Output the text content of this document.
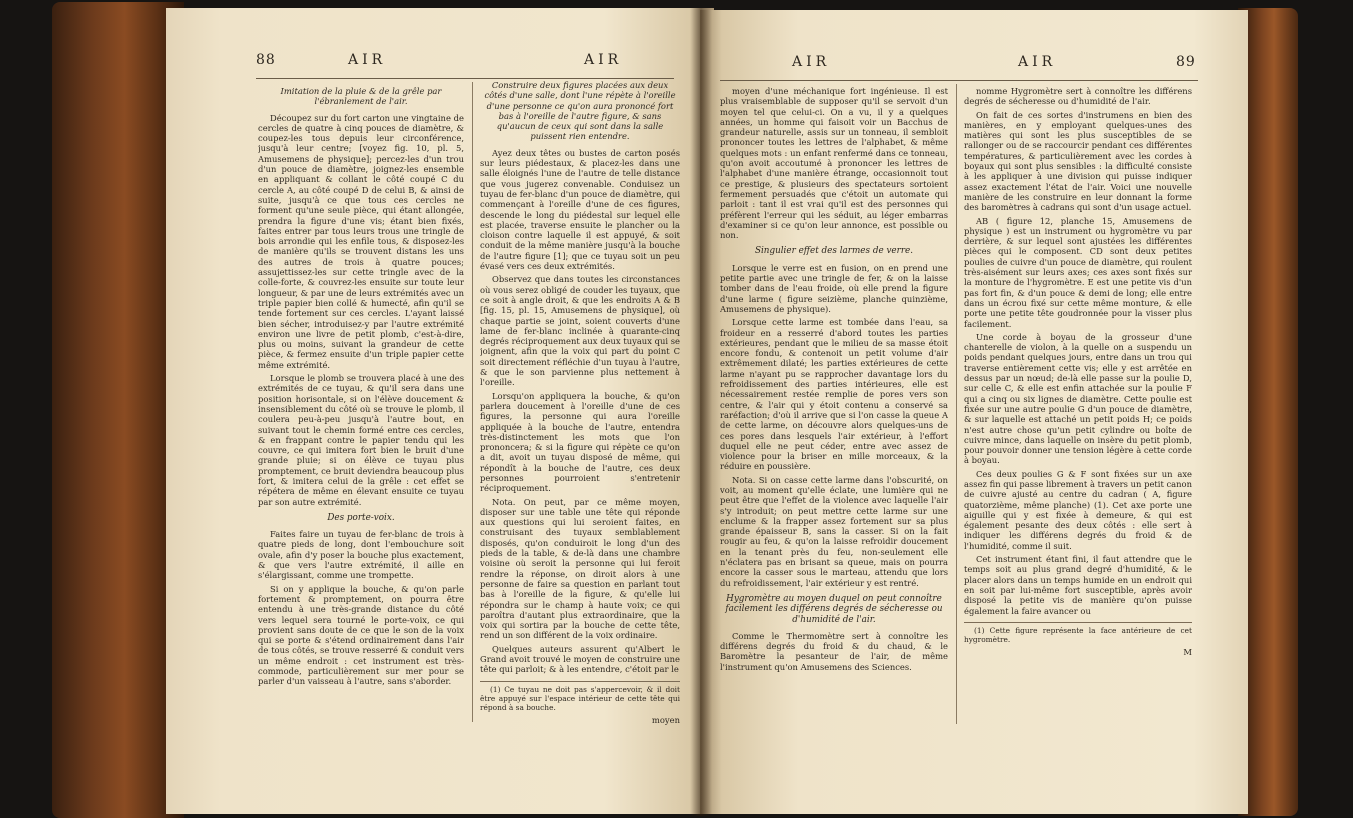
88	AIR	AIR

Imitation de la pluie & de la grêle par l'ébranlement de l'air.

Découpez sur du fort carton une vingtaine de cercles de quatre à cinq pouces de diamètre, & coupez-les tous depuis leur circonférence, jusqu'à leur centre; [voyez fig. 10, pl. 5, Amusemens de physique]; percez-les d'un trou d'un pouce de diamètre, joignez-les ensemble en appliquant & collant le côté coupé C du cercle A, au côté coupé D de celui B, & ainsi de suite, jusqu'à ce que tous ces cercles ne forment qu'une seule pièce, qui étant allongée, prendra la figure d'une vis; étant bien fixés, faites entrer par tous leurs trous une tringle de bois arrondie qui les enfile tous, & disposez-les de manière qu'ils se trouvent distans les uns des autres de trois à quatre pouces; assujettissez-les sur cette tringle avec de la colle-forte, & couvrez-les ensuite sur toute leur longueur, & par une de leurs extrémités avec un triple papier bien collé & humecté, afin qu'il se tende fortement sur ces cercles. L'ayant laissé bien sécher, introduisez-y par l'autre extrémité environ une livre de petit plomb, c'est-à-dire, plus ou moins, suivant la grandeur de cette pièce, & fermez ensuite d'un triple papier cette même extrémité.

Lorsque le plomb se trouvera placé à une des extrémités de ce tuyau, & qu'il sera dans une position horisontale, si on l'élève doucement & insensiblement du côté où se trouve le plomb, il coulera peu-à-peu jusqu'à l'autre bout, en suivant tout le chemin formé entre ces cercles, & en frappant contre le papier tendu qui les couvre, ce qui imitera fort bien le bruit d'une grande pluie; si on élève ce tuyau plus promptement, ce bruit deviendra beaucoup plus fort, & imitera celui de la grêle : cet effet se répétera de même en élevant ensuite ce tuyau par son autre extrémité.

Des porte-voix.

Faites faire un tuyau de fer-blanc de trois à quatre pieds de long, dont l'embouchure soit ovale, afin d'y poser la bouche plus exactement, & que vers l'autre extrémité, il aille en s'élargissant, comme une trompette.

Si on y applique la bouche, & qu'on parle fortement & promptement, on pourra être entendu à une très-grande distance du côté vers lequel sera tourné le porte-voix, ce qui provient sans doute de ce que le son de la voix qui se porte & s'étend ordinairement dans l'air de tous côtés, se trouve resserré & conduit vers un même endroit : cet instrument est très-commode, particulièrement sur mer pour se parler d'un vaisseau à l'autre, sans s'aborder.

Construire deux figures placées aux deux côtés d'une salle, dont l'une répète à l'oreille d'une personne ce qu'on aura prononcé fort bas à l'oreille de l'autre figure, & sans qu'aucun de ceux qui sont dans la salle puissent rien entendre.

Ayez deux têtes ou bustes de carton posés sur leurs piédestaux, & placez-les dans une salle éloignés l'une de l'autre de telle distance que vous jugerez convenable. Conduisez un tuyau de fer-blanc d'un pouce de diamètre, qui commençant à l'oreille d'une de ces figures, descende le long du piédestal sur lequel elle est placée, traverse ensuite le plancher ou la cloison contre laquelle il est appuyé, & soit conduit de la même manière jusqu'à la bouche de l'autre figure [1]; que ce tuyau soit un peu évasé vers ces deux extrémités.

Observez que dans toutes les circonstances où vous serez obligé de couder les tuyaux, que ce soit à angle droit, & que les endroits A & B [fig. 15, pl. 15, Amusemens de physique], où chaque partie se joint, soient couverts d'une lame de fer-blanc inclinée à quarante-cinq degrés réciproquement aux deux tuyaux qui se joignent, afin que la voix qui part du point C soit directement réfléchie d'un tuyau à l'autre, & que le son parvienne plus nettement à l'oreille.

Lorsqu'on appliquera la bouche, & qu'on parlera doucement à l'oreille d'une de ces figures, la personne qui aura l'oreille appliquée à la bouche de l'autre, entendra très-distinctement les mots que l'on prononcera; & si la figure qui répète ce qu'on a dit, avoit un tuyau disposé de même, qui répondît à la bouche de l'autre, ces deux personnes pourroient s'entretenir réciproquement.

Nota. On peut, par ce même moyen, disposer sur une table une tête qui réponde aux questions qui lui seroient faites, en construisant des tuyaux semblablement disposés, qu'on conduiroit le long d'un des pieds de la table, & de-là dans une chambre voisine où seroit la personne qui lui feroit rendre la réponse, on diroit alors à une personne de faire sa question en parlant tout bas à l'oreille de la figure, & qu'elle lui répondra sur le champ à haute voix; ce qui paroîtra d'autant plus extraordinaire, que la voix qui sortira par la bouche de cette tête, rend un son différent de la voix ordinaire.

Quelques auteurs assurent qu'Albert le Grand avoit trouvé le moyen de construire une tête qui parloit; & à les entendre, c'étoit par le

(1) Ce tuyau ne doit pas s'appercevoir, & il doit être appuyé sur l'espace intérieur de cette tête qui répond à sa bouche.

moyen

AIR	AIR	89

moyen d'une méchanique fort ingénieuse. Il est plus vraisemblable de supposer qu'il se servoit d'un moyen tel que celui-ci. On a vu, il y a quelques années, un homme qui faisoit voir un Bacchus de grandeur naturelle, assis sur un tonneau, il sembloit prononcer toutes les lettres de l'alphabet, & même quelques mots : un enfant renfermé dans ce tonneau, qu'on avoit accoutumé à prononcer les lettres de l'alphabet d'une manière étrange, occasionnoit tout ce prestige, & plusieurs des spectateurs sortoient fermement persuadés que c'étoit un automate qui parloit : tant il est vrai qu'il est des personnes qui préfèrent l'erreur qui les séduit, au léger embarras d'examiner si ce qu'on leur annonce, est possible ou non.

Singulier effet des larmes de verre.

Lorsque le verre est en fusion, on en prend une petite partie avec une tringle de fer, & on la laisse tomber dans de l'eau froide, où elle prend la figure d'une larme ( figure seizième, planche quinzième, Amusemens de physique).

Lorsque cette larme est tombée dans l'eau, sa froideur en a resserré d'abord toutes les parties extérieures, pendant que le milieu de sa masse étoit encore fondu, & contenoit un petit volume d'air extrêmement dilaté; les parties extérieures de cette larme n'ayant pu se rapprocher davantage lors du refroidissement des parties intérieures, elle est nécessairement restée remplie de pores vers son centre, & l'air qui y étoit contenu a conservé sa raréfaction; d'où il arrive que si l'on casse la queue A de cette larme, on découvre alors quelques-uns de ces pores dans lesquels l'air extérieur, à l'effort duquel elle ne peut céder, entre avec assez de violence pour la briser en mille morceaux, & la réduire en poussière.

Nota. Si on casse cette larme dans l'obscurité, on voit, au moment qu'elle éclate, une lumière qui ne peut être que l'effet de la violence avec laquelle l'air s'y introduit; on peut mettre cette larme sur une enclume & la frapper assez fortement sur sa plus grande épaisseur B, sans la casser. Si on la fait rougir au feu, & qu'on la laisse refroidir doucement en la tenant près du feu, non-seulement elle n'éclatera pas en brisant sa queue, mais on pourra encore la casser sous le marteau, attendu que lors du refroidissement, l'air extérieur y est rentré.

Hygromètre au moyen duquel on peut connoître facilement les différens degrés de sécheresse ou d'humidité de l'air.

Comme le Thermomètre sert à connoître les différens degrés du froid & du chaud, & le Baromètre la pesanteur de l'air, de même l'instrument qu'on Amusemens des Sciences.

nomme Hygromètre sert à connoître les différens degrés de sécheresse ou d'humidité de l'air.

On fait de ces sortes d'instrumens en bien des manières, en y employant quelques-unes des matières qui sont les plus susceptibles de se rallonger ou de se raccourcir pendant ces différentes températures, & particulièrement avec les cordes à boyaux qui sont plus sensibles : la difficulté consiste à les appliquer à une division qui puisse indiquer assez exactement l'état de l'air. Voici une nouvelle manière de les construire en leur donnant la forme des baromètres à cadrans qui sont d'un usage actuel.

AB ( figure 12, planche 15, Amusemens de physique ) est un instrument ou hygromètre vu par derrière, & sur lequel sont ajustées les différentes pièces qui le composent. CD sont deux petites poulies de cuivre d'un pouce de diamètre, qui roulent très-aisément sur leurs axes; ces axes sont fixés sur la monture de l'hygromètre. E est une petite vis d'un pas fort fin, & d'un pouce & demi de long; elle entre dans un écrou fixé sur cette même monture, & elle porte une petite tête goudronnée pour la visser plus facilement.

Une corde à boyau de la grosseur d'une chanterelle de violon, à la quelle on a suspendu un poids pendant quelques jours, entre dans un trou qui traverse entièrement cette vis; elle y est arrêtée en dessus par un nœud; de-là elle passe sur la poulie D, sur celle C, & elle est enfin attachée sur la poulie F qui a cinq ou six lignes de diamètre. Cette poulie est fixée sur une autre poulie G d'un pouce de diamètre, & sur laquelle est attaché un petit poids H; ce poids n'est autre chose qu'un petit cylindre ou boîte de cuivre mince, dans laquelle on insère du petit plomb, pour pouvoir donner une tension légère à cette corde à boyau.

Ces deux poulies G & F sont fixées sur un axe assez fin qui passe librement à travers un petit canon de cuivre ajusté au centre du cadran ( A, figure quatorzième, même planche) (1). Cet axe porte une aiguille qui y est fixée à demeure, & qui est également pesante des deux côtés : elle sert à indiquer les différens degrés du froid & de l'humidité, comme il suit.

Cet instrument étant fini, il faut attendre que le temps soit au plus grand degré d'humidité, & le placer alors dans un temps humide en un endroit qui en soit par lui-même fort susceptible, après avoir disposé la petite vis de manière qu'on puisse également la faire avancer ou

(1) Cette figure représente la face antérieure de cet hygromètre.

M
